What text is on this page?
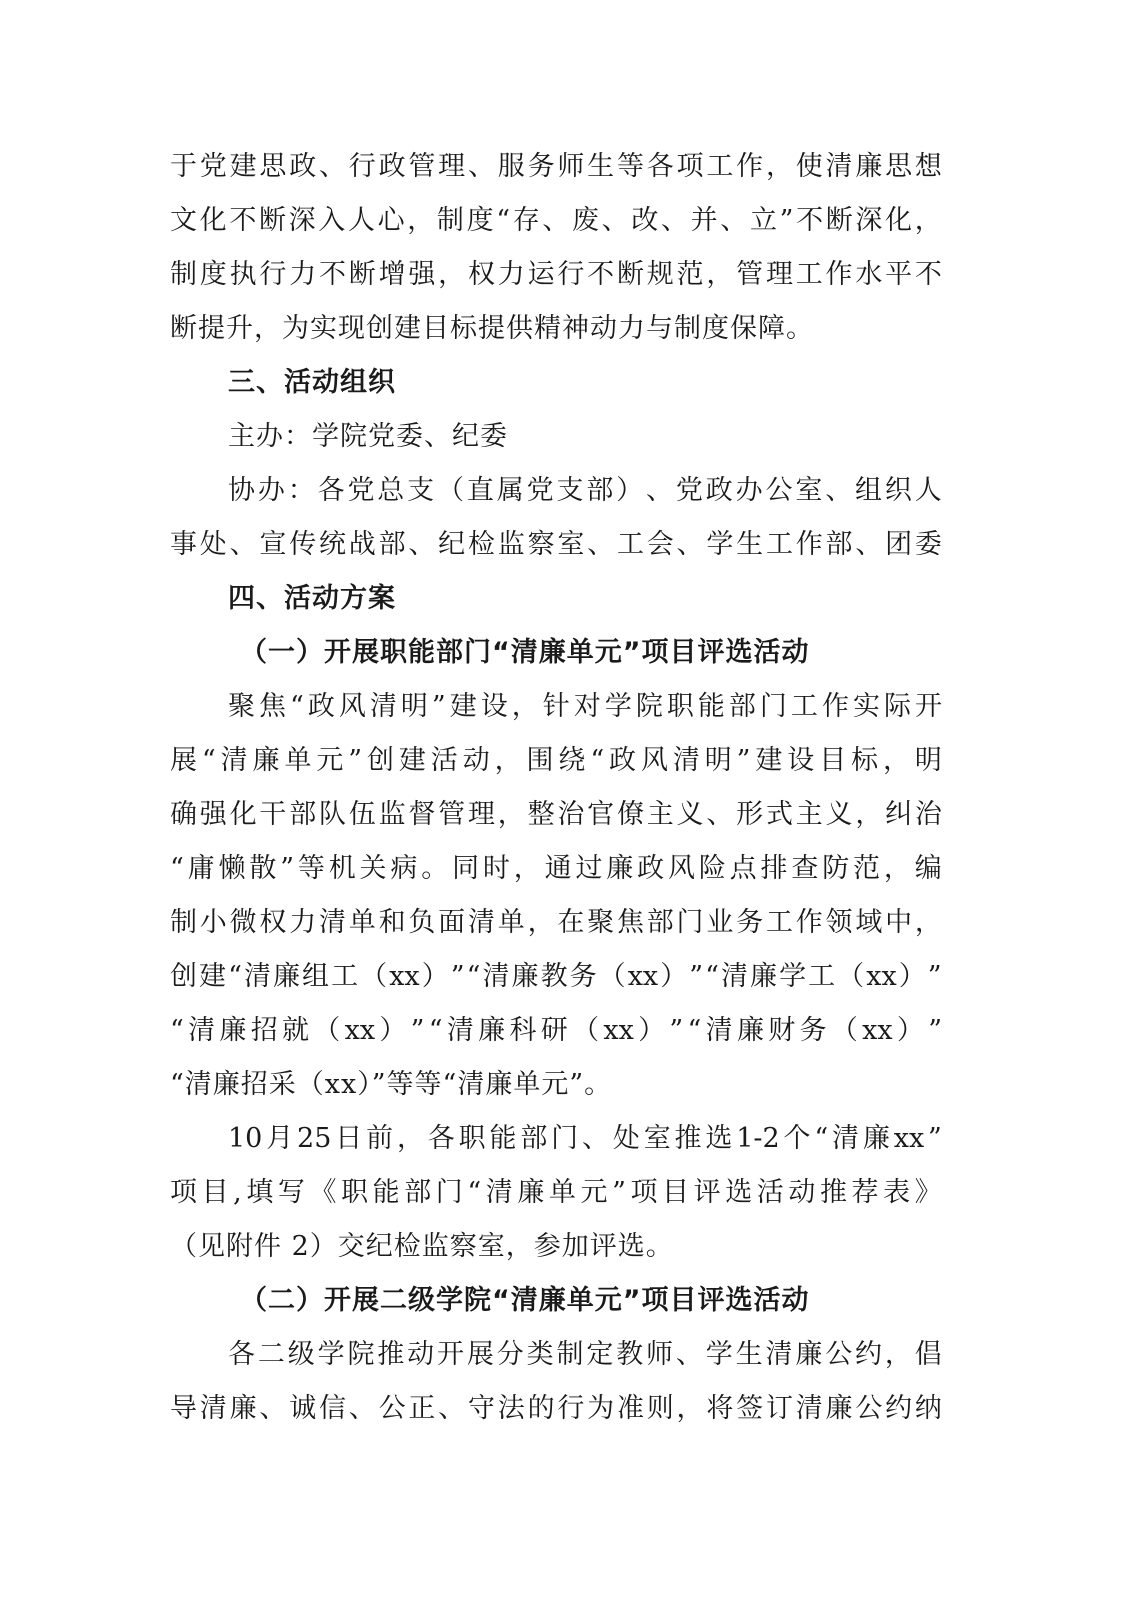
于 党 建 思 政 、 行 政 管 理 、 服 务 师 生 等 各 项 工 作 ， 使 清 廉 思 想
文 化 不 断 深 入 人 心 ， 制 度 “ 存 、 废 、 改 、 并 、 立 ” 不 断 深 化 ，
制 度 执 行 力 不 断 增 强 ， 权 力 运 行 不 断 规 范 ， 管 理 工 作 水 平 不
断提升，为实现创建目标提供精神动力与制度保障。
三、活动组织
主办：学院党委、纪委
协 办 ： 各 党 总 支 （ 直 属 党 支 部 ） 、 党 政 办 公 室 、 组 织 人
事 处 、 宣 传 统 战 部 、 纪 检 监 察 室 、 工 会 、 学 生 工 作 部 、 团 委
四、活动方案
（一）开展职能部门“清廉单元”项目评选活动
聚 焦 “ 政 风 清 明 ” 建 设 ， 针 对 学 院 职 能 部 门 工 作 实 际 开
展 “ 清 廉 单 元 ” 创 建 活 动 ， 围 绕 “ 政 风 清 明 ” 建 设 目 标 ， 明
确 强 化 干 部 队 伍 监 督 管 理 ， 整 治 官 僚 主 义 、 形 式 主 义 ， 纠 治
“ 庸 懒 散 ” 等 机 关 病 。 同 时 ， 通 过 廉 政 风 险 点 排 查 防 范 ， 编
制 小 微 权 力 清 单 和 负 面 清 单 ， 在 聚 焦 部 门 业 务 工 作 领 域 中 ，
创 建 “ 清 廉 组 工 （ xx ） ” “ 清 廉 教 务 （ xx ） ” “ 清 廉 学 工 （ xx ） ”
“ 清 廉 招 就 （ xx ） ” “ 清 廉 科 研 （ xx ） ” “ 清 廉 财 务 （ xx ） ”
“清廉招采（xx）”等等“清廉单元”。
10 月 25 日 前 ， 各 职 能 部 门 、 处 室 推 选 1-2 个 “ 清 廉 xx ”
项 目 , 填 写 《 职 能 部 门 “ 清 廉 单 元 ” 项 目 评 选 活 动 推 荐 表 》
（见附件 2）交纪检监察室，参加评选。
（二）开展二级学院“清廉单元”项目评选活动
各 二 级 学 院 推 动 开 展 分 类 制 定 教 师 、 学 生 清 廉 公 约 ， 倡
导 清 廉 、 诚 信 、 公 正 、 守 法 的 行 为 准 则 ， 将 签 订 清 廉 公 约 纳
